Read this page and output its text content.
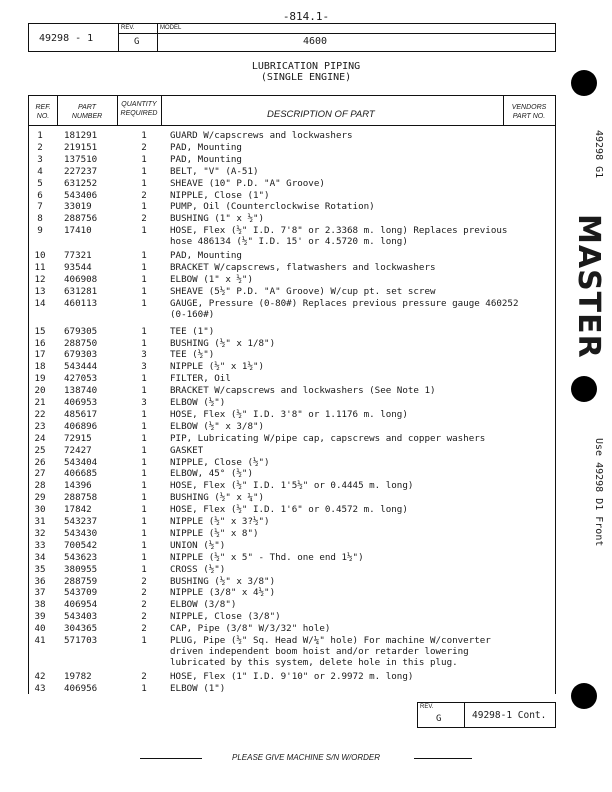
-814.1-
49298 - 1
REV.
G
MODEL
4600
LUBRICATION PIPING
(SINGLE ENGINE)
REF.
NO.
PART
NUMBER
QUANTITY
REQUIRED	DESCRIPTION OF PART
VENDORS
PART NO.
1	181291	1	GUARD W/capscrews and lockwashers
2	219151	2	PAD, Mounting
3	137510	1	PAD, Mounting
4	227237	1	BELT, "V" (A-51)
5	631252	1	SHEAVE (10" P.D. "A" Groove)
6	543406	2	NIPPLE, Close (1")
7	33019	1	PUMP, Oil (Counterclockwise Rotation)
8	288756	2	BUSHING (1" x ½")
9	17410	1	HOSE, Flex (½" I.D. 7'8" or 2.3368 m. long) Replaces previous
hose 486134 (½" I.D. 15' or 4.5720 m. long)
10	77321	1	PAD, Mounting
11	93544	1	BRACKET W/capscrews, flatwashers and lockwashers
12	406908	1	ELBOW (1" x ½")
13	631281	1	SHEAVE (5½" P.D. "A" Groove) W/cup pt. set screw
14	460113	1	GAUGE, Pressure (0-80#) Replaces previous pressure gauge 460252
(0-160#)
15	679305	1	TEE (1")
16	288750	1	BUSHING (½" x 1/8")
17	679303	3	TEE (½")
18	543444	3	NIPPLE (½" x 1½")
19	427053	1	FILTER, Oil
20	138740	1	BRACKET W/capscrews and lockwashers (See Note 1)
21	406953	3	ELBOW (½")
22	485617	1	HOSE, Flex (½" I.D. 3'8" or 1.1176 m. long)
23	406896	1	ELBOW (½" x 3/8")
24	72915	1	PIP, Lubricating W/pipe cap, capscrews and copper washers
25	72427	1	GASKET
26	543404	1	NIPPLE, Close (½")
27	406685	1	ELBOW, 45° (½")
28	14396	1	HOSE, Flex (½" I.D. 1'5½" or 0.4445 m. long)
29	288758	1	BUSHING (½" x ¼")
30	17842	1	HOSE, Flex (½" I.D. 1'6" or 0.4572 m. long)
31	543237	1	NIPPLE (½" x 3?½")
32	543430	1	NIPPLE (½" x 8")
33	700542	1	UNION (½")
34	543623	1	NIPPLE (½" x 5" - Thd. one end 1½")
35	380955	1	CROSS (½")
36	288759	2	BUSHING (½" x 3/8")
37	543709	2	NIPPLE (3/8" x 4½")
38	406954	2	ELBOW (3/8")
39	543403	2	NIPPLE, Close (3/8")
40	304365	2	CAP, Pipe (3/8" W/3/32" hole)
41	571703	1	PLUG, Pipe (½" Sq. Head W/¼" hole) For machine W/converter
driven independent boom hoist and/or retarder lowering
lubricated by this system, delete hole in this plug.
42	19782	2	HOSE, Flex (1" I.D. 9'10" or 2.9972 m. long)
43	406956	1	ELBOW (1")
REV.
G	49298-1 Cont.
PLEASE GIVE MACHINE S/N W/ORDER
49298 G1
MASTER
Use 49298 D1 Front
